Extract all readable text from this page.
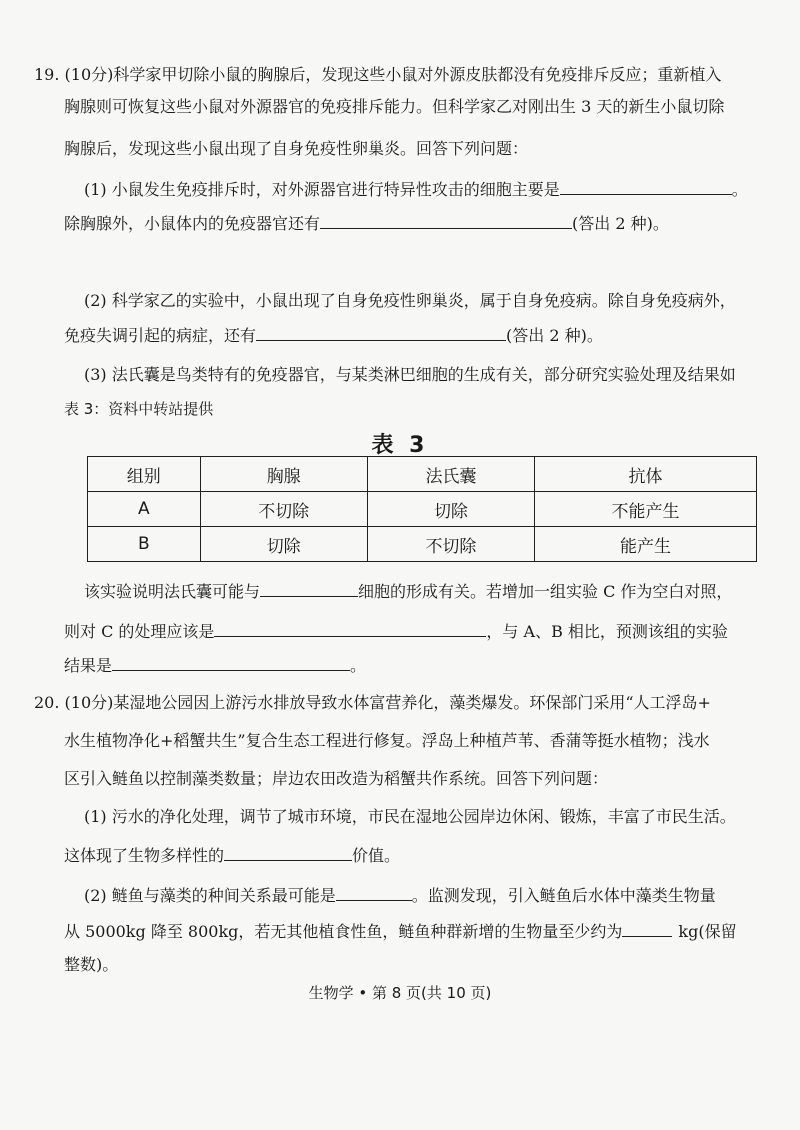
19. (10分)科学家甲切除小鼠的胸腺后，发现这些小鼠对外源皮肤都没有免疫排斥反应；重新植入
胸腺则可恢复这些小鼠对外源器官的免疫排斥能力。但科学家乙对刚出生 3 天的新生小鼠切除
胸腺后，发现这些小鼠出现了自身免疫性卵巢炎。回答下列问题：
(1) 小鼠发生免疫排斥时，对外源器官进行特异性攻击的细胞主要是	。
除胸腺外，小鼠体内的免疫器官还有	(答出 2 种)。
(2) 科学家乙的实验中，小鼠出现了自身免疫性卵巢炎，属于自身免疫病。除自身免疫病外，
免疫失调引起的病症，还有	(答出 2 种)。
(3) 法氏囊是鸟类特有的免疫器官，与某类淋巴细胞的生成有关，部分研究实验处理及结果如
表 3：资料中转站提供
表 3
组别	胸腺	法氏囊	抗体
A	不切除	切除	不能产生
B	切除	不切除	能产生
该实验说明法氏囊可能与	细胞的形成有关。若增加一组实验 C 作为空白对照，
则对 C 的处理应该是	，与 A、B 相比，预测该组的实验
结果是	。
20. (10分)某湿地公园因上游污水排放导致水体富营养化，藻类爆发。环保部门采用“人工浮岛+
水生植物净化+稻蟹共生”复合生态工程进行修复。浮岛上种植芦苇、香蒲等挺水植物；浅水
区引入鲢鱼以控制藻类数量；岸边农田改造为稻蟹共作系统。回答下列问题：
(1) 污水的净化处理，调节了城市环境，市民在湿地公园岸边休闲、锻炼，丰富了市民生活。
这体现了生物多样性的	价值。
(2) 鲢鱼与藻类的种间关系最可能是	。监测发现，引入鲢鱼后水体中藻类生物量
从 5000kg 降至 800kg，若无其他植食性鱼，鲢鱼种群新增的生物量至少约为	kg(保留
整数)。
生物学 • 第 8 页(共 10 页)
